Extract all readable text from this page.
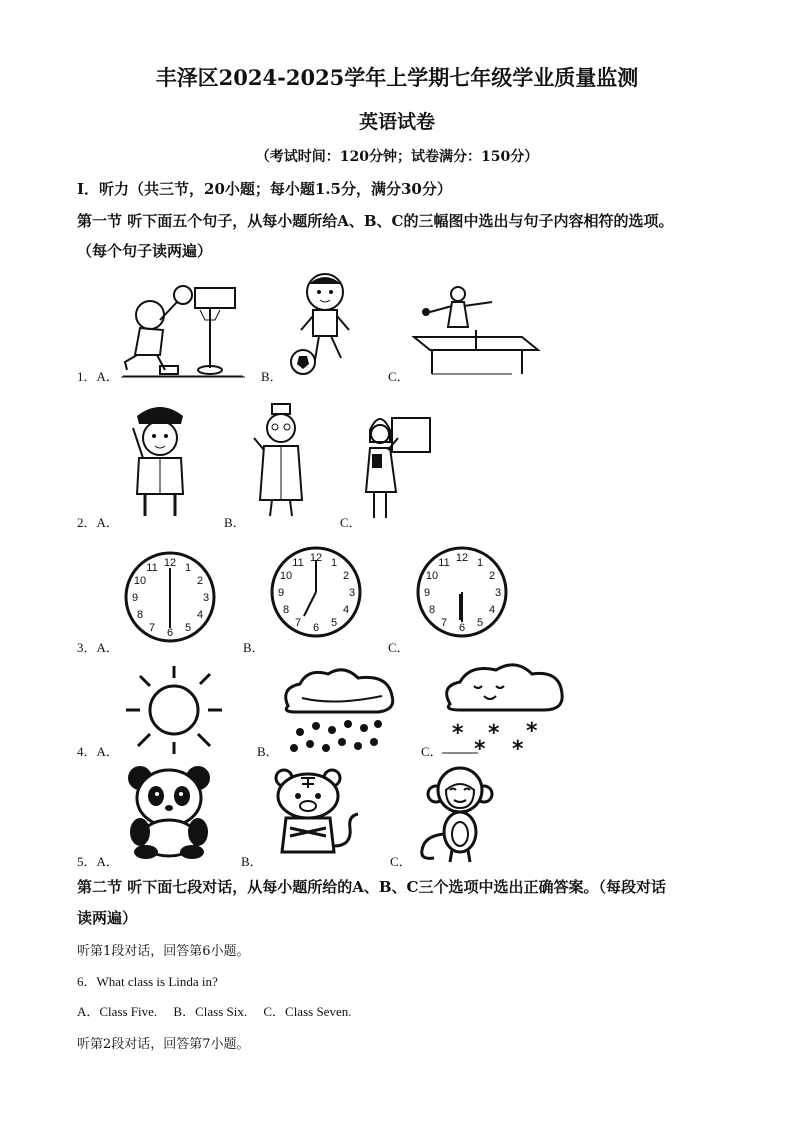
丰泽区2024-2025学年上学期七年级学业质量监测
英语试卷
（考试时间：120分钟；试卷满分：150分）
Ⅰ．听力（共三节，20小题；每小题1.5分，满分30分）
第一节 听下面五个句子，从每小题所给A、B、C的三幅图中选出与句子内容相符的选项。
（每个句子读两遍）
1．A．	B．	C．
2．A．	B．	C．
3．A．	B．	C．
12
6
9	3
1
2
4
5
7
8
10
11
12
6
9	3
1
2
4
5
7
8
10
11	12
6
9	3
1
2
4
5
7
8
10
11
4．A．	B．	C．
* * *
* *
5．A．	B．	C．
第二节 听下面七段对话，从每小题所给的A、B、C三个选项中选出正确答案。（每段对话
读两遍）
听第1段对话，回答第6小题。
6．What class is Linda in?
A．Class Five.     B．Class Six.     C．Class Seven.
听第2段对话，回答第7小题。
